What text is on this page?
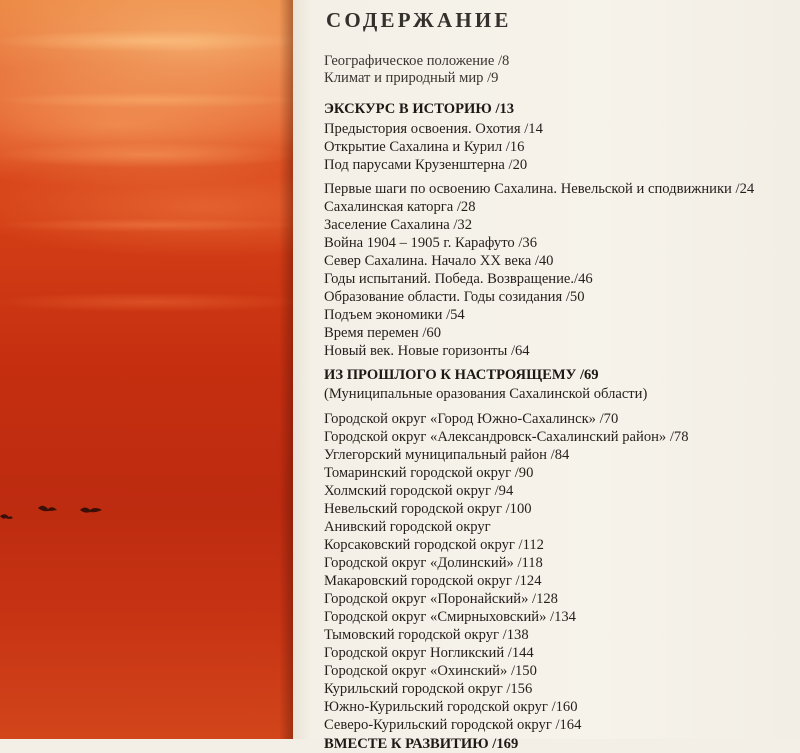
СОДЕРЖАНИЕ
Географическое положение /8
Климат и природный мир /9
ЭКСКУРС В ИСТОРИЮ /13
Предыстория освоения. Охотия /14
Открытие Сахалина и Курил /16
Под парусами Крузенштерна /20
Первые шаги по освоению Сахалина. Невельской и сподвижники /24
Сахалинская каторга /28
Заселение Сахалина /32
Война 1904 – 1905 г. Карафуто /36
Север Сахалина. Начало XX века /40
Годы испытаний. Победа. Возвращение./46
Образование области. Годы созидания /50
Подъем экономики /54
Время перемен /60
Новый век. Новые горизонты /64
ИЗ ПРОШЛОГО К НАСТРОЯЩЕМУ /69
(Муниципальные оразования Сахалинской области)
Городской округ «Город Южно-Сахалинск» /70
Городской округ «Александровск-Сахалинский район» /78
Углегорский муниципальный район /84
Томаринский городской округ /90
Холмский городской округ /94
Невельский городской округ /100
Анивский городской округ
Корсаковский городской округ /112
Городской округ «Долинский» /118
Макаровский городской округ /124
Городской округ «Поронайский» /128
Городской округ «Смирныховский» /134
Тымовский городской округ /138
Городской округ Ногликский /144
Городской округ «Охинский» /150
Курильский городской округ /156
Южно-Курильский городской округ /160
Северо-Курильский городской округ /164
ВМЕСТЕ К РАЗВИТИЮ /169
